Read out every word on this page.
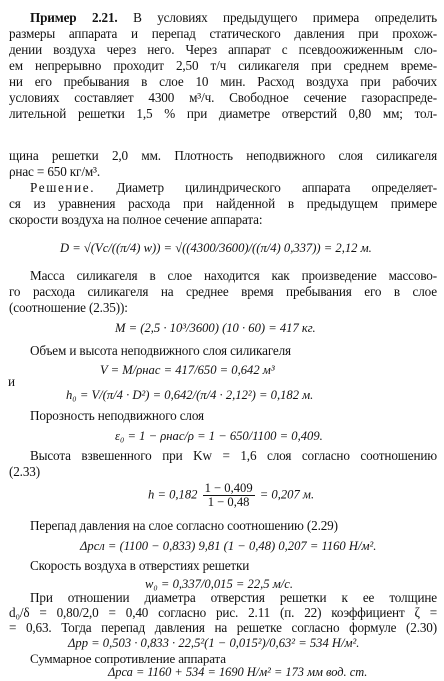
Пример 2.21. В условиях предыдущего примера определить
размеры аппарата и перепад статического давления при прохож-
дении воздуха через него. Через аппарат с псевдоожиженным сло-
ем непрерывно проходит 2,50 т/ч силикагеля при среднем време-
ни его пребывания в слое 10 мин. Расход воздуха при рабочих
условиях составляет 4300 м³/ч. Свободное сечение газораспреде-
лительной решетки 1,5 % при диаметре отверстий 0,80 мм; тол-
щина решетки 2,0 мм. Плотность неподвижного слоя силикагеля
ρнас = 650 кг/м³.
Решение. Диаметр цилиндрического аппарата определяет-
ся из уравнения расхода при найденной в предыдущем примере
скорости воздуха на полное сечение аппарата:
D = √(Vс/((π/4) w)) = √((4300/3600)/((π/4) 0,337)) = 2,12 м.
Масса силикагеля в слое находится как произведение массово-
го расхода силикагеля на среднее время пребывания его в слое
(соотношение (2.35)):
M = (2,5 · 10³/3600) (10 · 60) = 417 кг.
Объем и высота неподвижного слоя силикагеля
V = M/ρнас = 417/650 = 0,642 м³
и
h₀ = V/(π/4 · D²) = 0,642/(π/4 · 2,12²) = 0,182 м.
Порозность неподвижного слоя
ε₀ = 1 − ρнас/ρ = 1 − 650/1100 = 0,409.
Высота взвешенного при Kw = 1,6 слоя согласно соотношению
(2.33)
$h = 0,182 \frac{1 - 0,409}{1 - 0,48} = 0,207$ м.
Перепад давления на слое согласно соотношению (2.29)
Δpсл = (1100 − 0,833) 9,81 (1 − 0,48) 0,207 = 1160 Н/м².
Скорость воздуха в отверстиях решетки
w₀ = 0,337/0,015 = 22,5 м/с.
При отношении диаметра отверстия решетки к ее толщине
d₀/δ = 0,80/2,0 = 0,40 согласно рис. 2.11 (п. 22) коэффициент ζ =
= 0,63. Тогда перепад давления на решетке согласно формуле (2.30)
Δpр = 0,503 · 0,833 · 22,5²(1 − 0,015²)/0,63² = 534 Н/м².
Суммарное сопротивление аппарата
Δpса = 1160 + 534 = 1690 Н/м² = 173 мм вод. ст.
